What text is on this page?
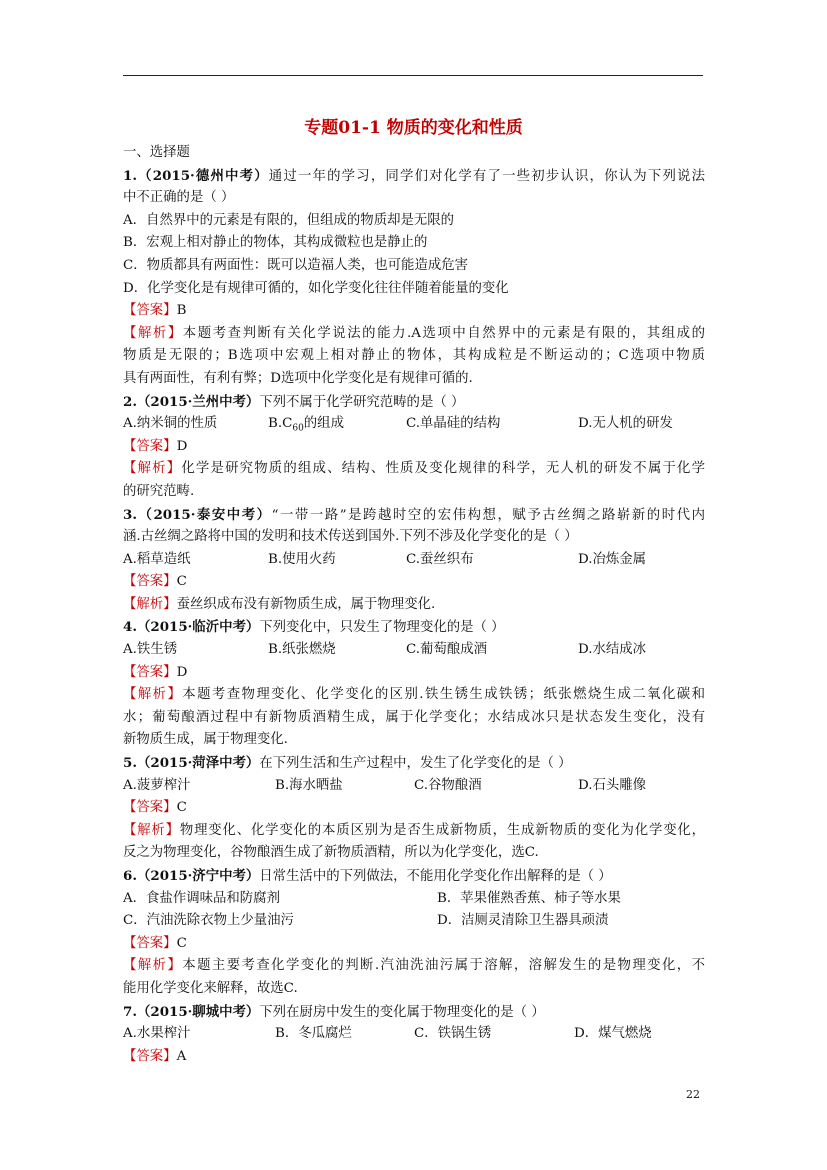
专题01-1 物质的变化和性质
一、选择题
1.（2015·德州中考）通过一年的学习，同学们对化学有了一些初步认识，你认为下列说法
中不正确的是（ ）
A．自然界中的元素是有限的，但组成的物质却是无限的
B．宏观上相对静止的物体，其构成微粒也是静止的
C．物质都具有两面性：既可以造福人类，也可能造成危害
D．化学变化是有规律可循的，如化学变化往往伴随着能量的变化
【答案】B
【解析】本题考查判断有关化学说法的能力.A选项中自然界中的元素是有限的，其组成的
物质是无限的；B选项中宏观上相对静止的物体，其构成粒是不断运动的；C选项中物质
具有两面性，有利有弊；D选项中化学变化是有规律可循的.
2.（2015·兰州中考）下列不属于化学研究范畴的是（ ）
A.纳米铜的性质	$B.C_{60}$的组成	C.单晶硅的结构	D.无人机的研发
【答案】D
【解析】化学是研究物质的组成、结构、性质及变化规律的科学，无人机的研发不属于化学
的研究范畴.
3.（2015·泰安中考）“一带一路”是跨越时空的宏伟构想，赋予古丝绸之路崭新的时代内
涵.古丝绸之路将中国的发明和技术传送到国外.下列不涉及化学变化的是（ ）
A.稻草造纸	B.使用火药	C.蚕丝织布	D.冶炼金属
【答案】C
【解析】蚕丝织成布没有新物质生成，属于物理变化.
4.（2015·临沂中考）下列变化中，只发生了物理变化的是（ ）
A.铁生锈	B.纸张燃烧	C.葡萄酿成酒	D.水结成冰
【答案】D
【解析】本题考查物理变化、化学变化的区别.铁生锈生成铁锈；纸张燃烧生成二氧化碳和
水；葡萄酿酒过程中有新物质酒精生成，属于化学变化；水结成冰只是状态发生变化，没有
新物质生成，属于物理变化.
5.（2015·菏泽中考）在下列生活和生产过程中，发生了化学变化的是（ ）
A.菠萝榨汁	B.海水晒盐	C.谷物酿酒	D.石头雕像
【答案】C
【解析】物理变化、化学变化的本质区别为是否生成新物质，生成新物质的变化为化学变化，
反之为物理变化，谷物酿酒生成了新物质酒精，所以为化学变化，选C.
6.（2015·济宁中考）日常生活中的下列做法，不能用化学变化作出解释的是（ ）
A．食盐作调味品和防腐剂	B．苹果催熟香蕉、柿子等水果
C．汽油洗除衣物上少量油污	D．洁厕灵清除卫生器具顽渍
【答案】C
【解析】本题主要考查化学变化的判断.汽油洗油污属于溶解，溶解发生的是物理变化，不
能用化学变化来解释，故选C.
7.（2015·聊城中考）下列在厨房中发生的变化属于物理变化的是（ ）
A.水果榨汁	B．冬瓜腐烂	C．铁锅生锈	D．煤气燃烧
【答案】A
22
